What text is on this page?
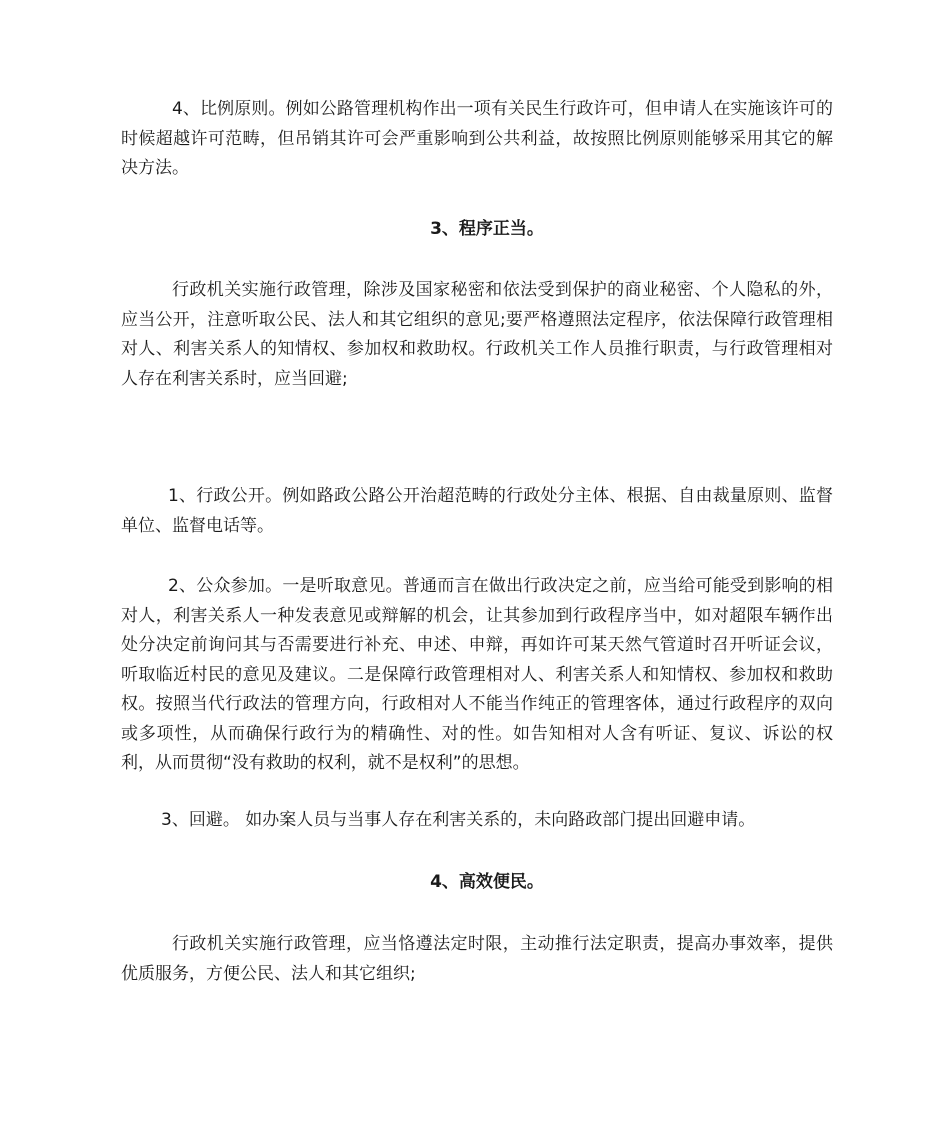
4、比例原则。例如公路管理机构作出一项有关民生行政许可，但申请人在实施该许可的时候超越许可范畴，但吊销其许可会严重影响到公共利益，故按照比例原则能够采用其它的解决方法。

3、程序正当。

行政机关实施行政管理，除涉及国家秘密和依法受到保护的商业秘密、个人隐私的外，应当公开，注意听取公民、法人和其它组织的意见;要严格遵照法定程序，依法保障行政管理相对人、利害关系人的知情权、参加权和救助权。行政机关工作人员推行职责，与行政管理相对人存在利害关系时，应当回避;

1、行政公开。例如路政公路公开治超范畴的行政处分主体、根据、自由裁量原则、监督单位、监督电话等。

2、公众参加。一是听取意见。普通而言在做出行政决定之前，应当给可能受到影响的相对人，利害关系人一种发表意见或辩解的机会，让其参加到行政程序当中，如对超限车辆作出处分决定前询问其与否需要进行补充、申述、申辩，再如许可某天然气管道时召开听证会议，听取临近村民的意见及建议。二是保障行政管理相对人、利害关系人和知情权、参加权和救助权。按照当代行政法的管理方向，行政相对人不能当作纯正的管理客体，通过行政程序的双向或多项性，从而确保行政行为的精确性、对的性。如告知相对人含有听证、复议、诉讼的权利，从而贯彻“没有救助的权利，就不是权利”的思想。

3、回避。 如办案人员与当事人存在利害关系的，未向路政部门提出回避申请。

4、高效便民。

行政机关实施行政管理，应当恪遵法定时限，主动推行法定职责，提高办事效率，提供优质服务，方便公民、法人和其它组织;
